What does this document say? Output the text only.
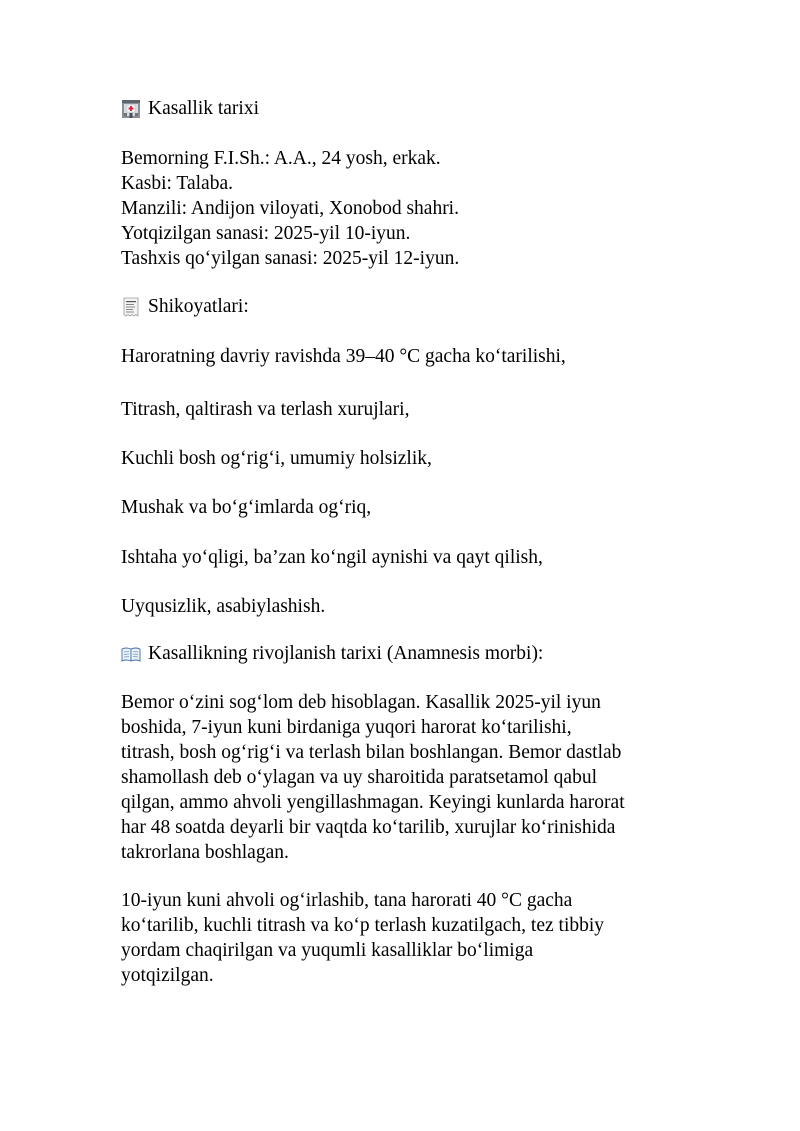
Kasallik tarixi
Bemorning F.I.Sh.: A.A., 24 yosh, erkak.
Kasbi: Talaba.
Manzili: Andijon viloyati, Xonobod shahri.
Yotqizilgan sanasi: 2025-yil 10-iyun.
Tashxis qo‘yilgan sanasi: 2025-yil 12-iyun.
Shikoyatlari:
Haroratning davriy ravishda 39–40 °C gacha ko‘tarilishi,
Titrash, qaltirash va terlash xurujlari,
Kuchli bosh og‘rig‘i, umumiy holsizlik,
Mushak va bo‘g‘imlarda og‘riq,
Ishtaha yo‘qligi, ba’zan ko‘ngil aynishi va qayt qilish,
Uyqusizlik, asabiylashish.
Kasallikning rivojlanish tarixi (Anamnesis morbi):
Bemor o‘zini sog‘lom deb hisoblagan. Kasallik 2025-yil iyun
boshida, 7-iyun kuni birdaniga yuqori harorat ko‘tarilishi,
titrash, bosh og‘rig‘i va terlash bilan boshlangan. Bemor dastlab
shamollash deb o‘ylagan va uy sharoitida paratsetamol qabul
qilgan, ammo ahvoli yengillashmagan. Keyingi kunlarda harorat
har 48 soatda deyarli bir vaqtda ko‘tarilib, xurujlar ko‘rinishida
takrorlana boshlagan.
10-iyun kuni ahvoli og‘irlashib, tana harorati 40 °C gacha
ko‘tarilib, kuchli titrash va ko‘p terlash kuzatilgach, tez tibbiy
yordam chaqirilgan va yuqumli kasalliklar bo‘limiga
yotqizilgan.
